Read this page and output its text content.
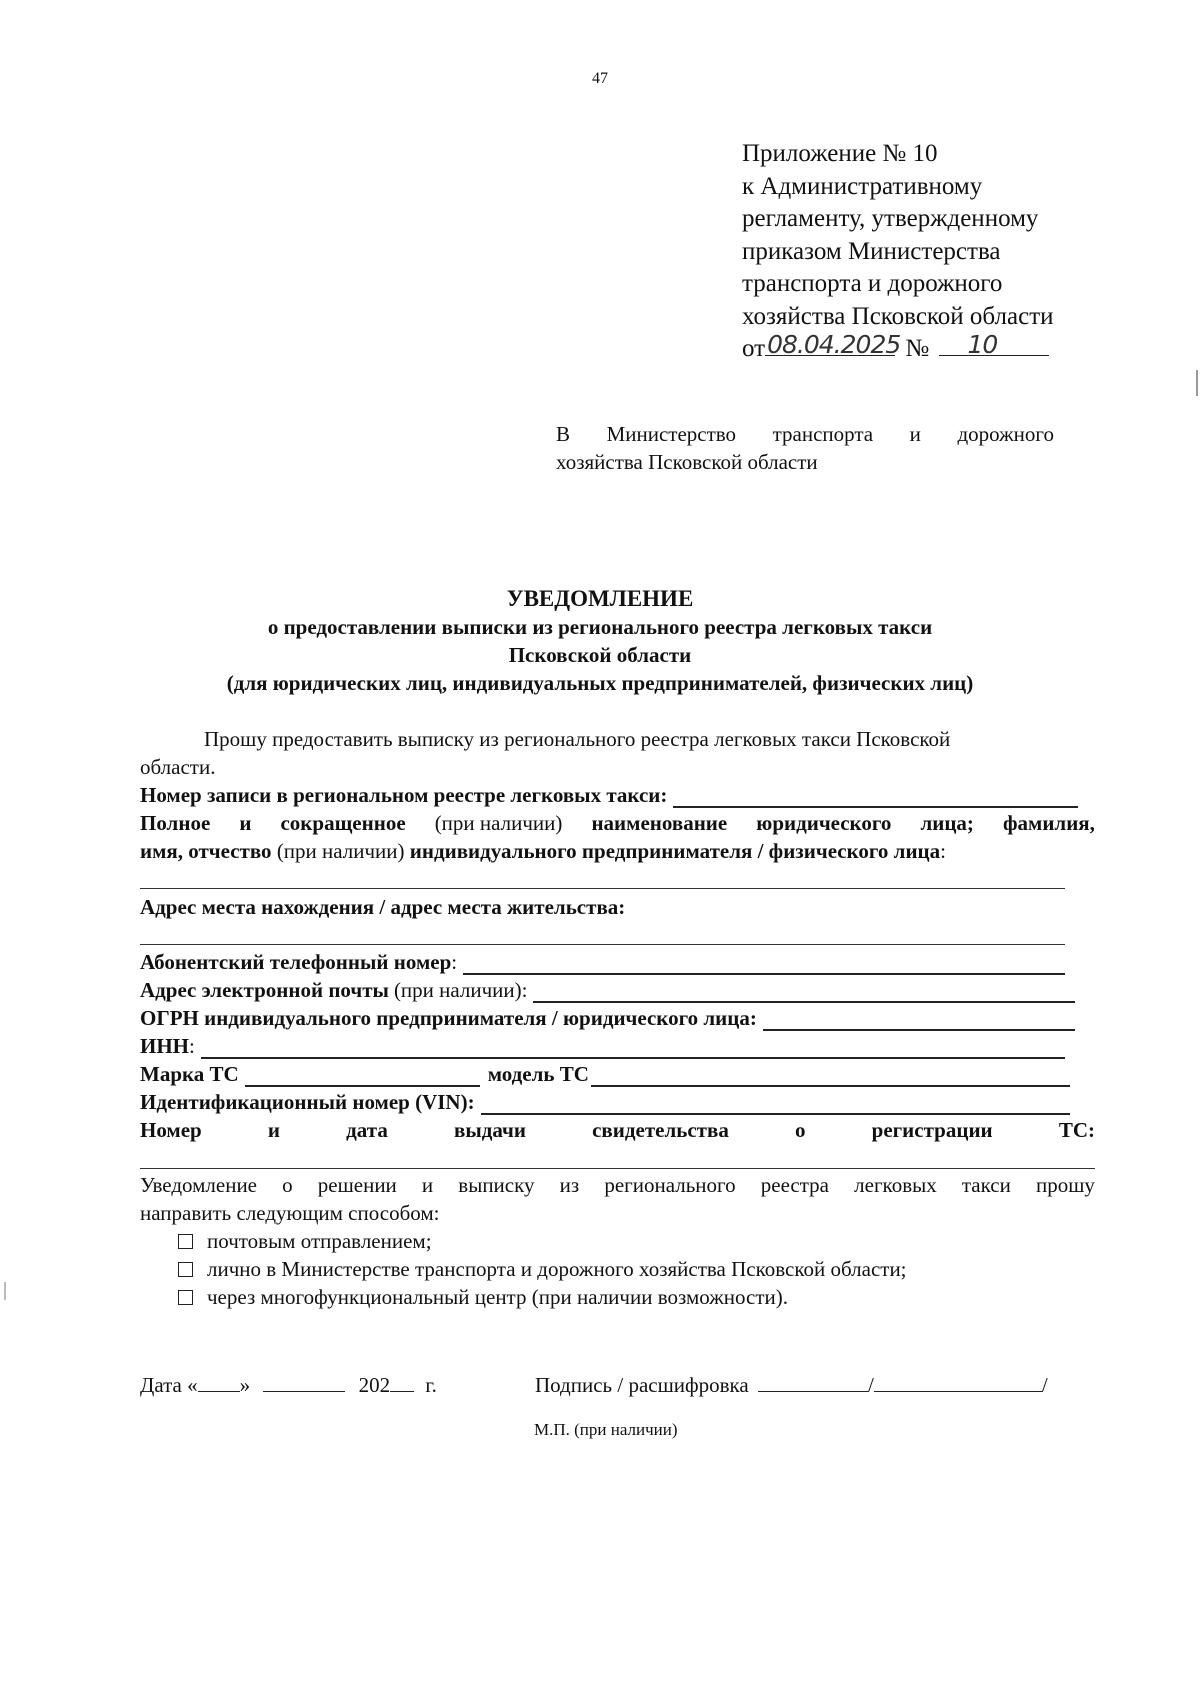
47
Приложение № 10
к Административному
регламенту, утвержденному
приказом Министерства
транспорта и дорожного
хозяйства Псковской области
от 08.04.2025 № 10
В Министерство транспорта и дорожного
хозяйства Псковской области
УВЕДОМЛЕНИЕ
о предоставлении выписки из регионального реестра легковых такси
Псковской области
(для юридических лиц, индивидуальных предпринимателей, физических лиц)
Прошу предоставить выписку из регионального реестра легковых такси Псковской
области.
Номер записи в региональном реестре легковых такси:
Полное и сокращенное (при наличии) наименование юридического лица; фамилия,
имя, отчество (при наличии) индивидуального предпринимателя / физического лица:
Адрес места нахождения / адрес места жительства:
Абонентский телефонный номер :
Адрес электронной почты (при наличии):
ОГРН индивидуального предпринимателя / юридического лица:
ИНН :
Марка ТС	модель ТС
Идентификационный номер (VIN):
Номер	и	дата	выдачи	свидетельства	о	регистрации	ТС:
Уведомление о решении и выписку из регионального реестра легковых такси прошу
направить следующим способом:
почтовым отправлением;
лично в Министерстве транспорта и дорожного хозяйства Псковской области;
через многофункциональный центр (при наличии возможности).
Дата « »	202 г.	Подпись / расшифровка	/	/
М.П. (при наличии)
